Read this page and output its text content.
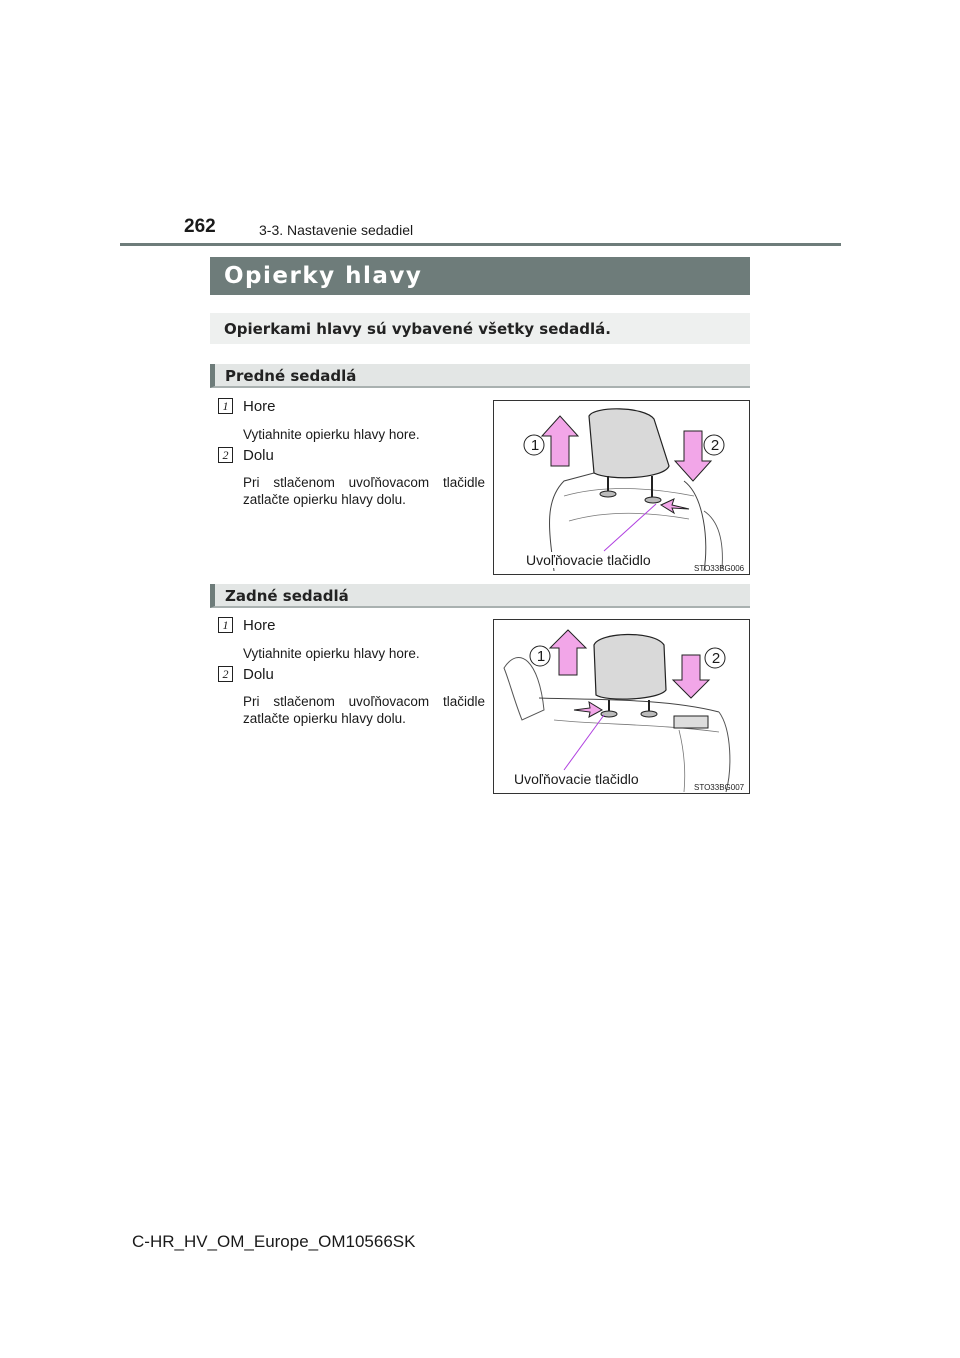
262	3-3. Nastavenie sedadiel
Opierky hlavy
Opierkami hlavy sú vybavené všetky sedadlá.
Predné sedadlá
1 Hore
Vytiahnite opierku hlavy hore.
2 Dolu
Pri stlačenom uvoľňovacom tlačidle zatlačte opierku hlavy dolu.
1	2
Uvoľňovacie tlačidlo
STO33BG006
Zadné sedadlá
1 Hore
Vytiahnite opierku hlavy hore.
2 Dolu
Pri stlačenom uvoľňovacom tlačidle zatlačte opierku hlavy dolu.
1	2
Uvoľňovacie tlačidlo
STO33BG007
C-HR_HV_OM_Europe_OM10566SK
